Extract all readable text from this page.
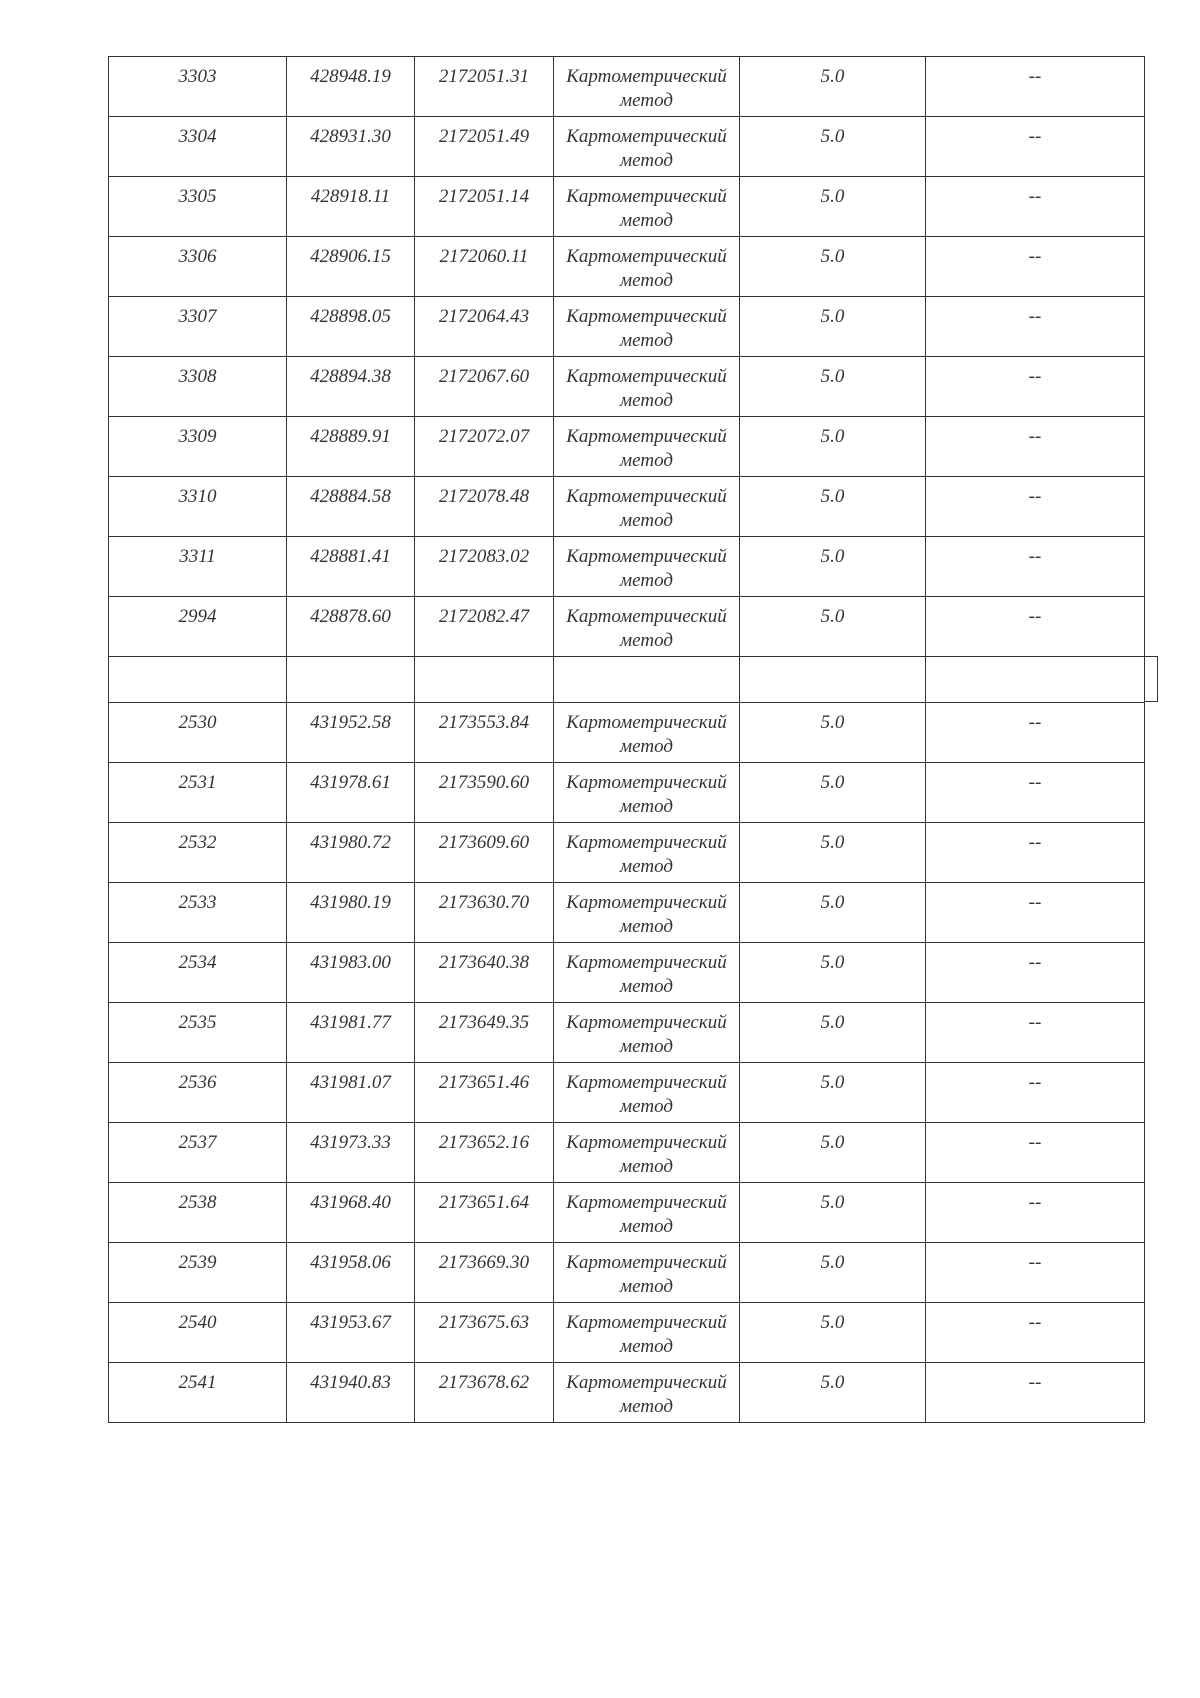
3303	428948.19	2172051.31	Картометрический метод	5.0	--
3304	428931.30	2172051.49	Картометрический метод	5.0	--
3305	428918.11	2172051.14	Картометрический метод	5.0	--
3306	428906.15	2172060.11	Картометрический метод	5.0	--
3307	428898.05	2172064.43	Картометрический метод	5.0	--
3308	428894.38	2172067.60	Картометрический метод	5.0	--
3309	428889.91	2172072.07	Картометрический метод	5.0	--
3310	428884.58	2172078.48	Картометрический метод	5.0	--
3311	428881.41	2172083.02	Картометрический метод	5.0	--
2994	428878.60	2172082.47	Картометрический метод	5.0	--

2530	431952.58	2173553.84	Картометрический метод	5.0	--
2531	431978.61	2173590.60	Картометрический метод	5.0	--
2532	431980.72	2173609.60	Картометрический метод	5.0	--
2533	431980.19	2173630.70	Картометрический метод	5.0	--
2534	431983.00	2173640.38	Картометрический метод	5.0	--
2535	431981.77	2173649.35	Картометрический метод	5.0	--
2536	431981.07	2173651.46	Картометрический метод	5.0	--
2537	431973.33	2173652.16	Картометрический метод	5.0	--
2538	431968.40	2173651.64	Картометрический метод	5.0	--
2539	431958.06	2173669.30	Картометрический метод	5.0	--
2540	431953.67	2173675.63	Картометрический метод	5.0	--
2541	431940.83	2173678.62	Картометрический метод	5.0	--
